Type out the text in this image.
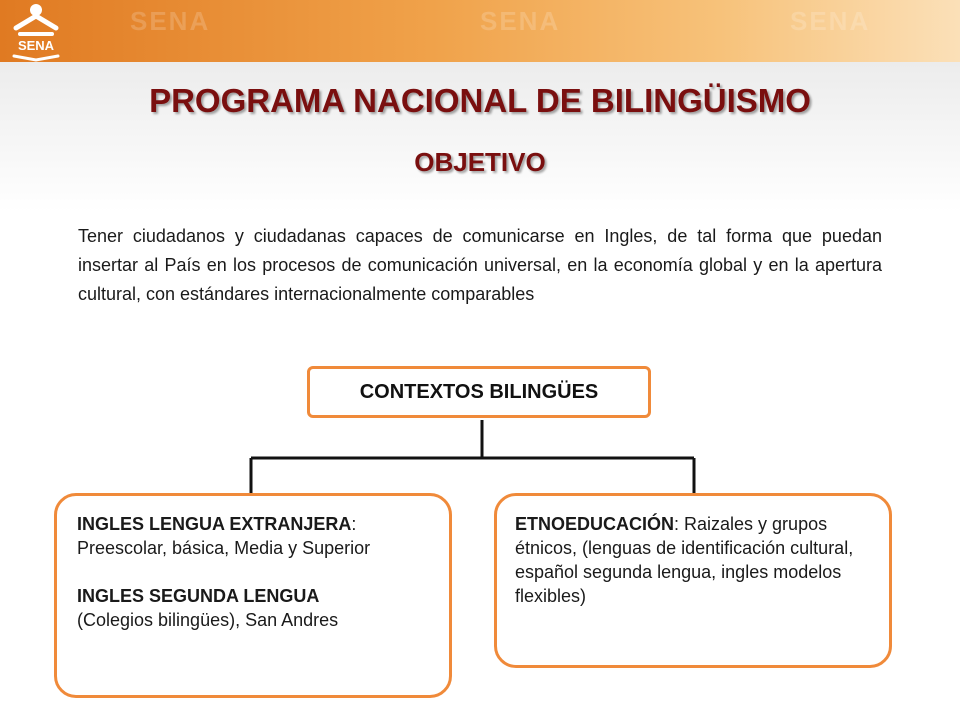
SENA	SENA	SENA
SENA
PROGRAMA NACIONAL DE BILINGÜISMO
OBJETIVO

Tener ciudadanos y ciudadanas capaces de comunicarse en Ingles, de tal forma que puedan insertar al País en los procesos de comunicación universal, en la economía global y en la apertura cultural, con estándares internacionalmente comparables

CONTEXTOS BILINGÜES

INGLES LENGUA EXTRANJERA: Preescolar, básica, Media y Superior

INGLES SEGUNDA LENGUA
(Colegios bilingües), San Andres

ETNOEDUCACIÓN: Raizales y grupos étnicos, (lenguas de identificación cultural, español segunda lengua, ingles modelos flexibles)
